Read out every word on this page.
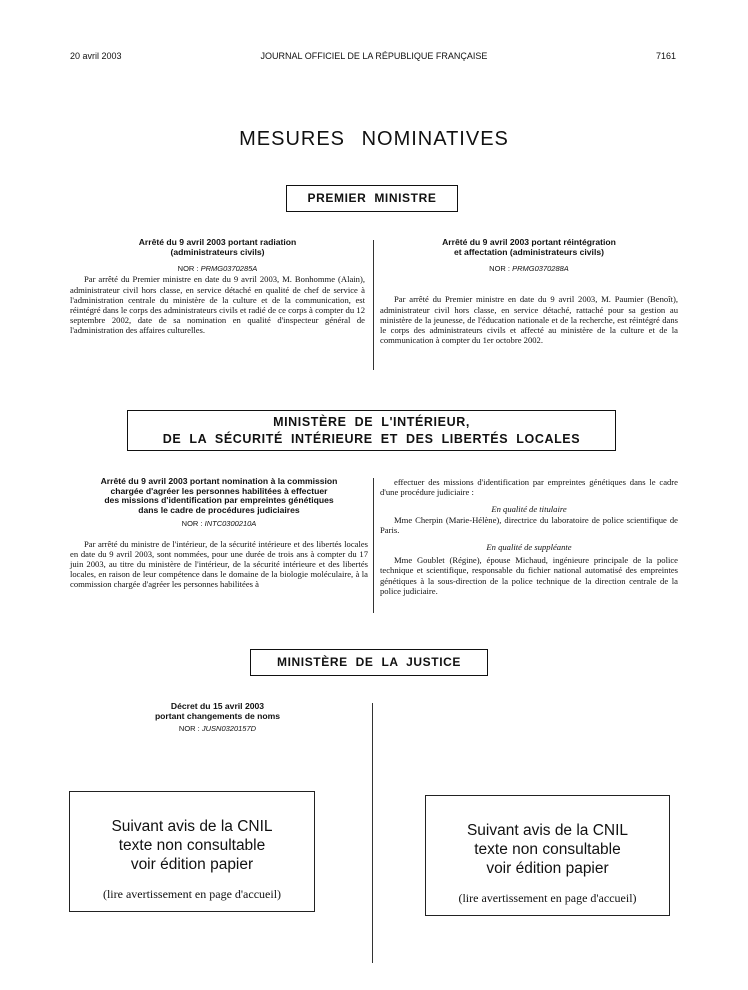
20 avril 2003	JOURNAL OFFICIEL DE LA RÉPUBLIQUE FRANÇAISE	7161
MESURES NOMINATIVES
PREMIER MINISTRE
Arrêté du 9 avril 2003 portant radiation
(administrateurs civils)
NOR : PRMG0370285A

Par arrêté du Premier ministre en date du 9 avril 2003, M. Bonhomme (Alain), administrateur civil hors classe, en service détaché en qualité de chef de service à l'administration centrale du ministère de la culture et de la communication, est réintégré dans le corps des administrateurs civils et radié de ce corps à compter du 12 septembre 2002, date de sa nomination en qualité d'inspecteur général de l'administration des affaires culturelles.

Arrêté du 9 avril 2003 portant réintégration
et affectation (administrateurs civils)
NOR : PRMG0370288A

Par arrêté du Premier ministre en date du 9 avril 2003, M. Paumier (Benoît), administrateur civil hors classe, en service détaché, rattaché pour sa gestion au ministère de la jeunesse, de l'éducation nationale et de la recherche, est réintégré dans le corps des administrateurs civils et affecté au ministère de la culture et de la communication à compter du 1er octobre 2002.

MINISTÈRE DE L'INTÉRIEUR,
DE LA SÉCURITÉ INTÉRIEURE ET DES LIBERTÉS LOCALES
Arrêté du 9 avril 2003 portant nomination à la commission
chargée d'agréer les personnes habilitées à effectuer
des missions d'identification par empreintes génétiques
dans le cadre de procédures judiciaires
NOR : INTC0300210A

Par arrêté du ministre de l'intérieur, de la sécurité intérieure et des libertés locales en date du 9 avril 2003, sont nommées, pour une durée de trois ans à compter du 17 juin 2003, au titre du ministère de l'intérieur, de la sécurité intérieure et des libertés locales, en raison de leur compétence dans le domaine de la biologie moléculaire, à la commission chargée d'agréer les personnes habilitées à

effectuer des missions d'identification par empreintes génétiques dans le cadre d'une procédure judiciaire :

En qualité de titulaire

Mme Cherpin (Marie-Hélène), directrice du laboratoire de police scientifique de Paris.

En qualité de suppléante

Mme Goublet (Régine), épouse Michaud, ingénieure principale de la police technique et scientifique, responsable du fichier national automatisé des empreintes génétiques à la sous-direction de la police technique de la direction centrale de la police judiciaire.

MINISTÈRE DE LA JUSTICE
Décret du 15 avril 2003
portant changements de noms
NOR : JUSN0320157D
Suivant avis de la CNIL
texte non consultable
voir édition papier
(lire avertissement en page d'accueil)
Suivant avis de la CNIL
texte non consultable
voir édition papier
(lire avertissement en page d'accueil)
